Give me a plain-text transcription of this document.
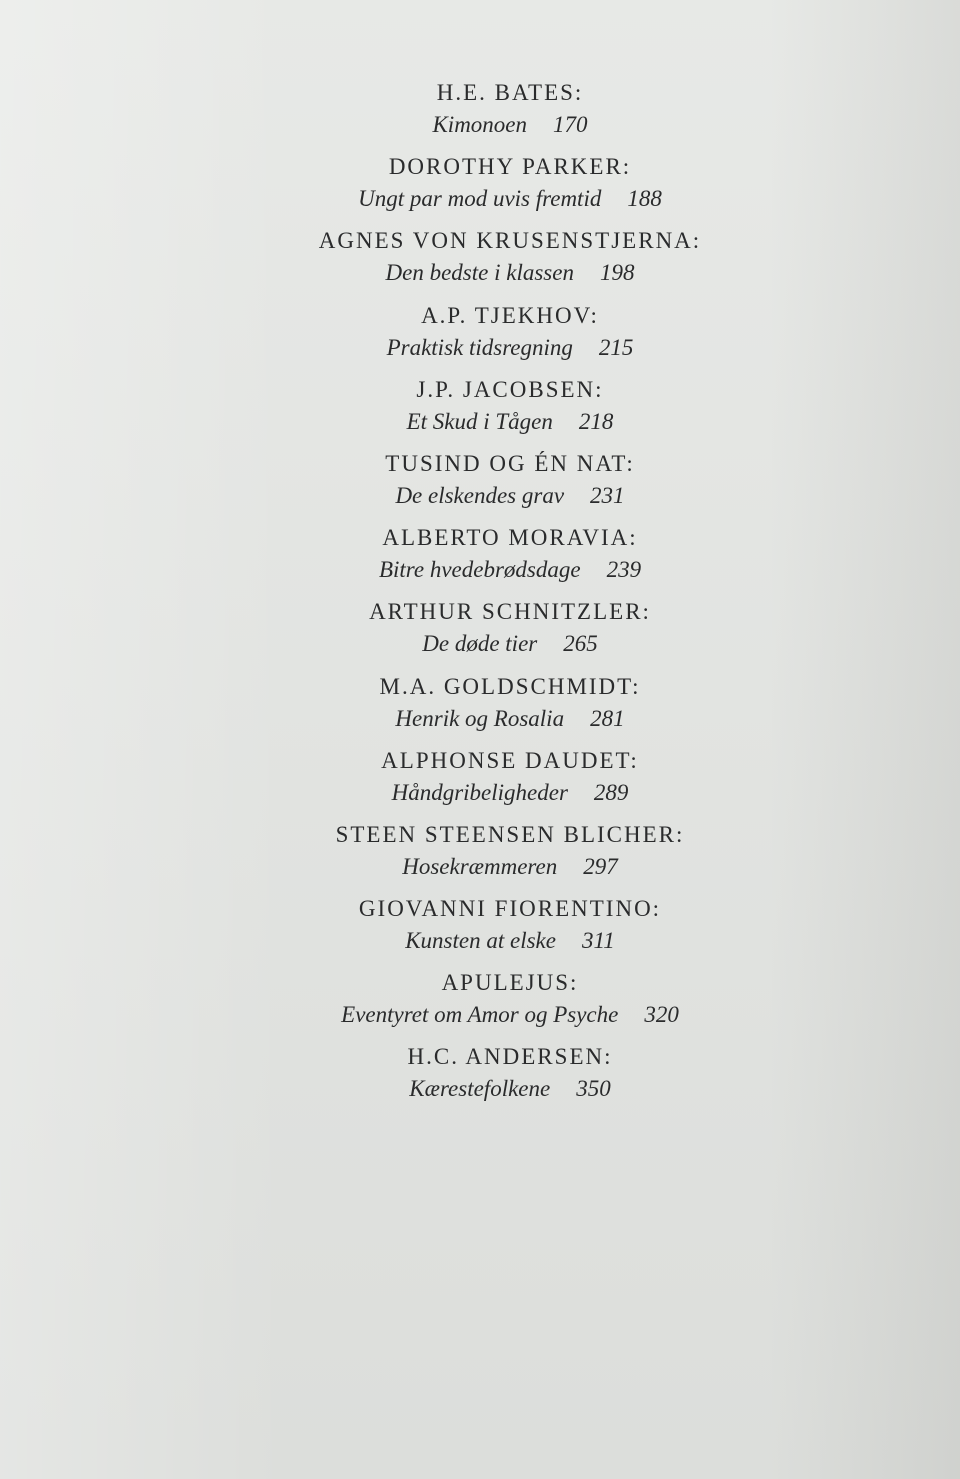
H.E. BATES:
Kimonoen 170
DOROTHY PARKER:
Ungt par mod uvis fremtid 188
AGNES VON KRUSENSTJERNA:
Den bedste i klassen 198
A.P. TJEKHOV:
Praktisk tidsregning 215
J.P. JACOBSEN:
Et Skud i Tågen 218
TUSIND OG ÉN NAT:
De elskendes grav 231
ALBERTO MORAVIA:
Bitre hvedebrødsdage 239
ARTHUR SCHNITZLER:
De døde tier 265
M.A. GOLDSCHMIDT:
Henrik og Rosalia 281
ALPHONSE DAUDET:
Håndgribeligheder 289
STEEN STEENSEN BLICHER:
Hosekræmmeren 297
GIOVANNI FIORENTINO:
Kunsten at elske 311
APULEJUS:
Eventyret om Amor og Psyche 320
H.C. ANDERSEN:
Kærestefolkene 350
